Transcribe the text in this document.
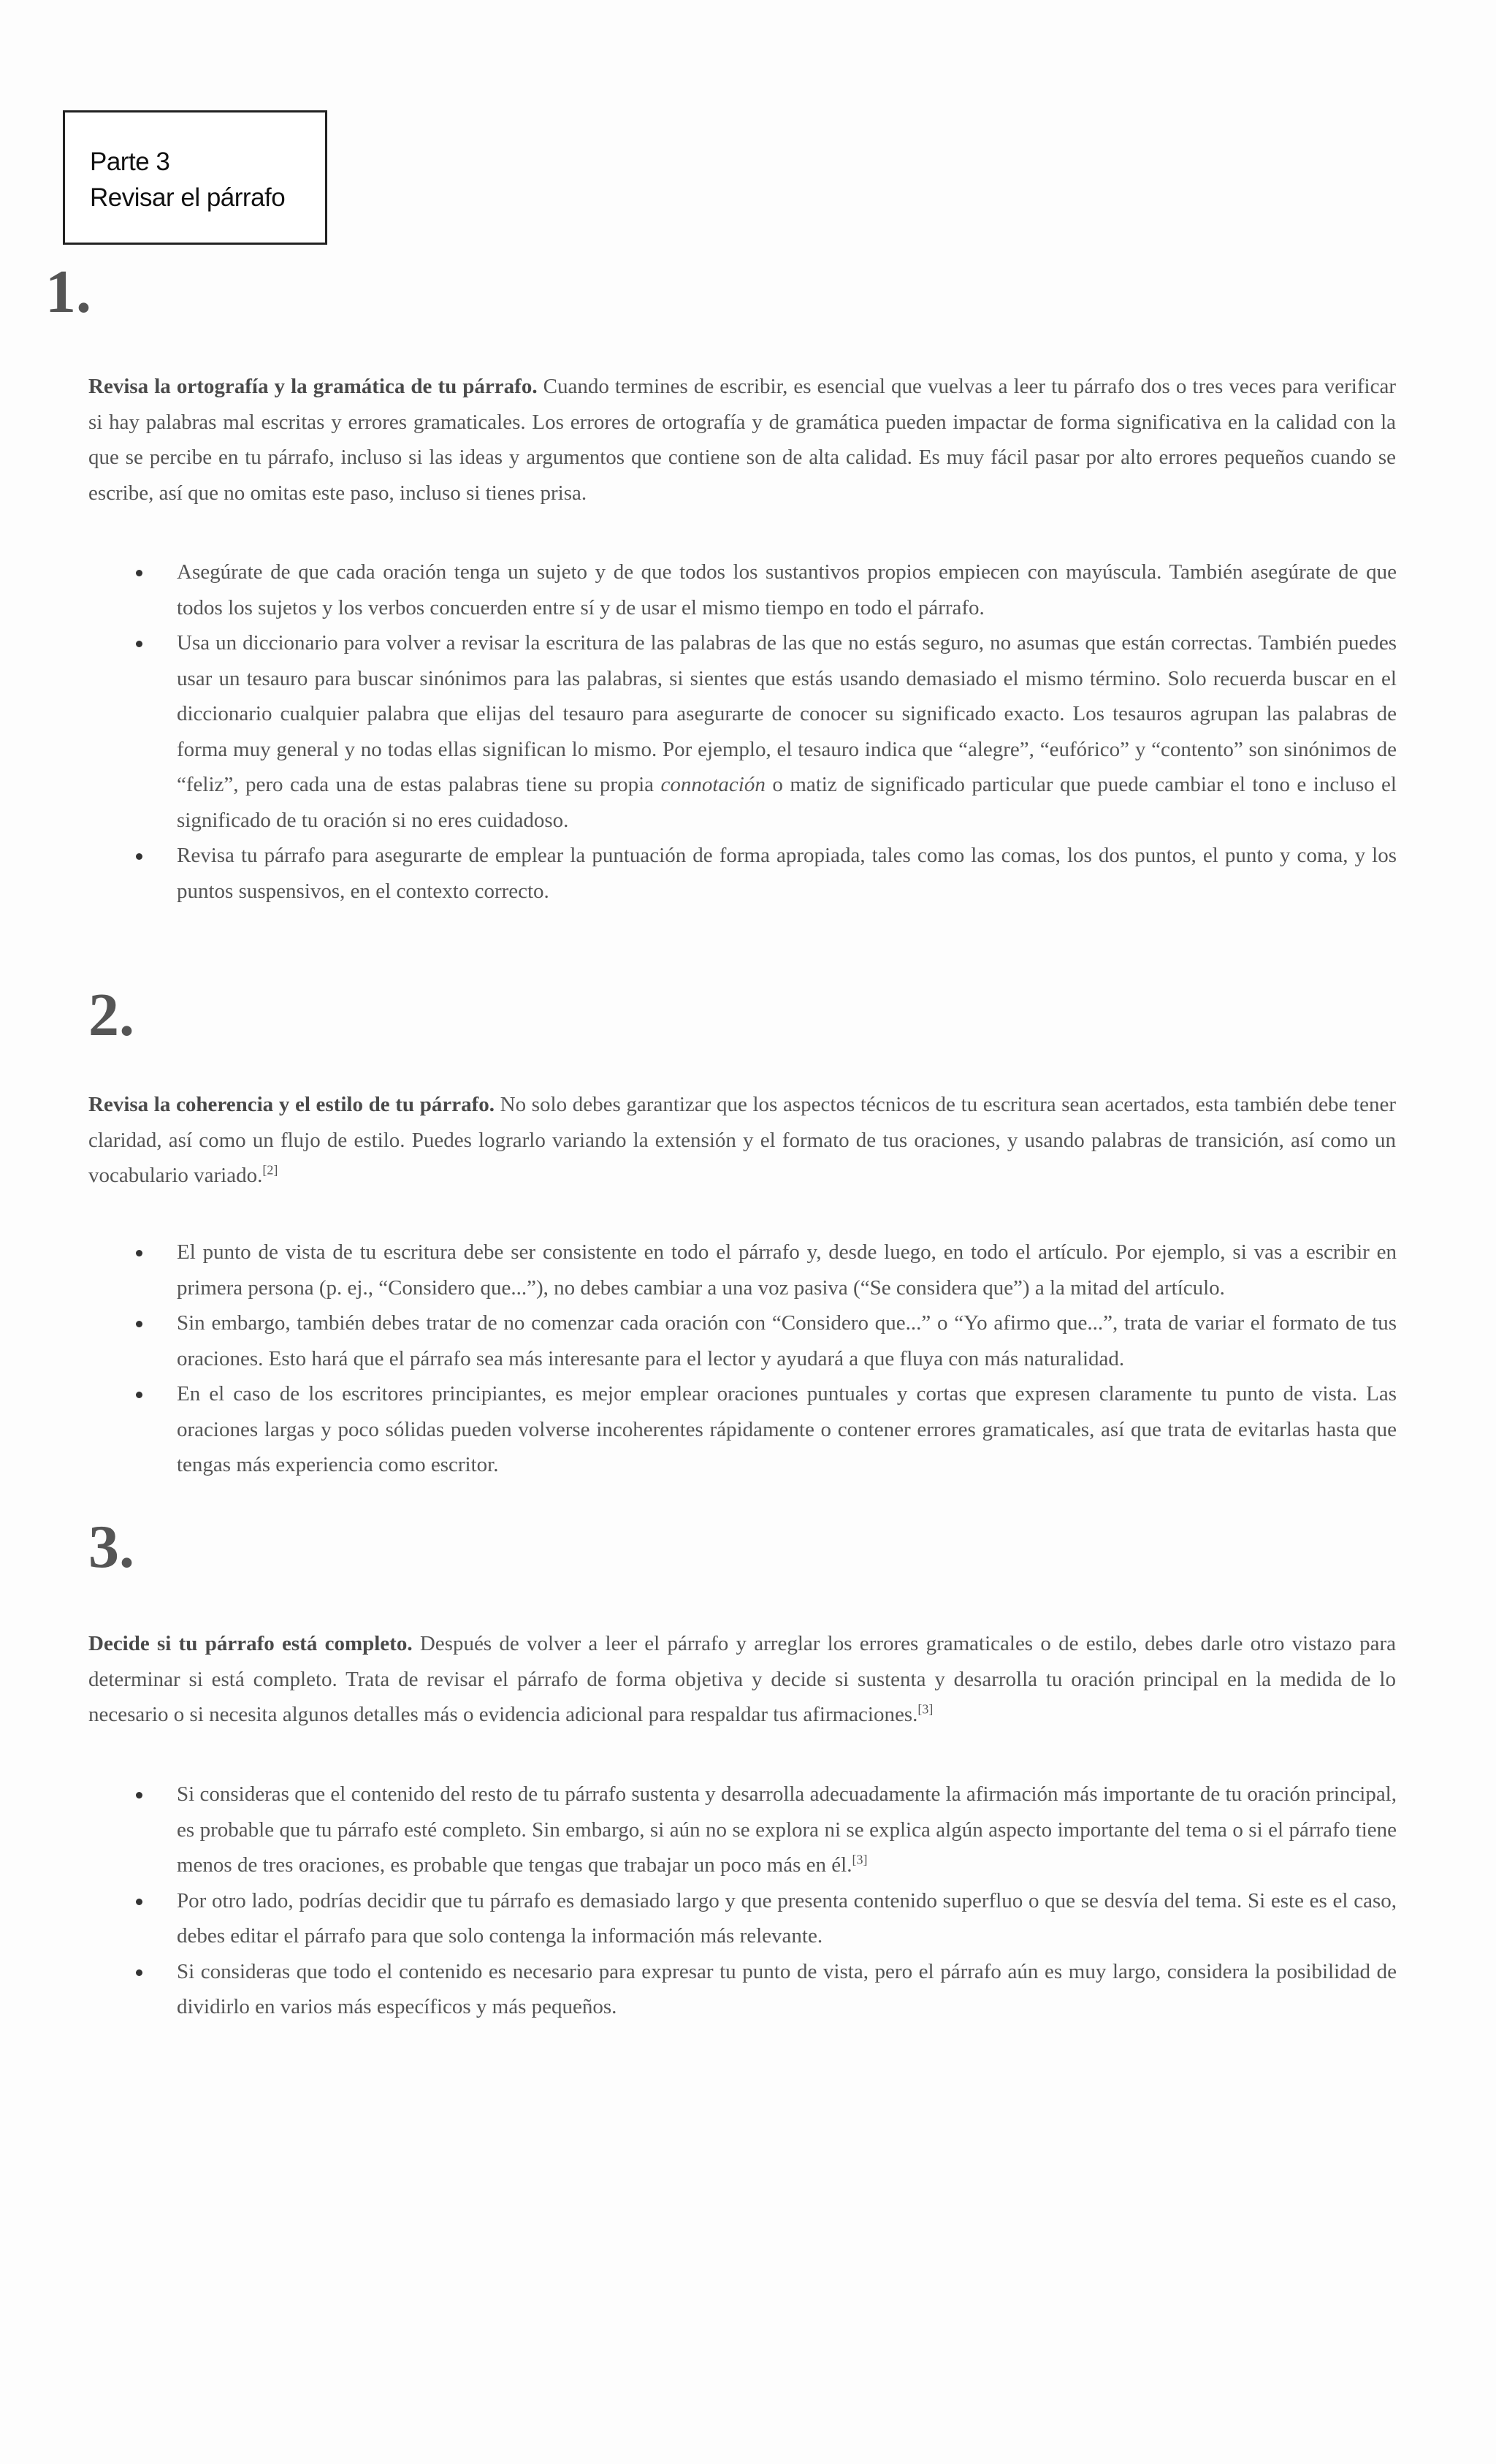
Parte 3
Revisar el párrafo
1.

Revisa la ortografía y la gramática de tu párrafo. Cuando termines de escribir, es esencial que vuelvas a leer tu párrafo dos o tres veces para verificar si hay palabras mal escritas y errores gramaticales. Los errores de ortografía y de gramática pueden impactar de forma significativa en la calidad con la que se percibe en tu párrafo, incluso si las ideas y argumentos que contiene son de alta calidad. Es muy fácil pasar por alto errores pequeños cuando se escribe, así que no omitas este paso, incluso si tienes prisa.

Asegúrate de que cada oración tenga un sujeto y de que todos los sustantivos propios empiecen con mayúscula. También asegúrate de que todos los sujetos y los verbos concuerden entre sí y de usar el mismo tiempo en todo el párrafo.
Usa un diccionario para volver a revisar la escritura de las palabras de las que no estás seguro, no asumas que están correctas. También puedes usar un tesauro para buscar sinónimos para las palabras, si sientes que estás usando demasiado el mismo término. Solo recuerda buscar en el diccionario cualquier palabra que elijas del tesauro para asegurarte de conocer su significado exacto. Los tesauros agrupan las palabras de forma muy general y no todas ellas significan lo mismo. Por ejemplo, el tesauro indica que “alegre”, “eufórico” y “contento” son sinónimos de “feliz”, pero cada una de estas palabras tiene su propia connotación o matiz de significado particular que puede cambiar el tono e incluso el significado de tu oración si no eres cuidadoso.
Revisa tu párrafo para asegurarte de emplear la puntuación de forma apropiada, tales como las comas, los dos puntos, el punto y coma, y los puntos suspensivos, en el contexto correcto.
2.

Revisa la coherencia y el estilo de tu párrafo. No solo debes garantizar que los aspectos técnicos de tu escritura sean acertados, esta también debe tener claridad, así como un flujo de estilo. Puedes lograrlo variando la extensión y el formato de tus oraciones, y usando palabras de transición, así como un vocabulario variado.[2]

El punto de vista de tu escritura debe ser consistente en todo el párrafo y, desde luego, en todo el artículo. Por ejemplo, si vas a escribir en primera persona (p. ej., “Considero que...”), no debes cambiar a una voz pasiva (“Se considera que”) a la mitad del artículo.
Sin embargo, también debes tratar de no comenzar cada oración con “Considero que...” o “Yo afirmo que...”, trata de variar el formato de tus oraciones. Esto hará que el párrafo sea más interesante para el lector y ayudará a que fluya con más naturalidad.
En el caso de los escritores principiantes, es mejor emplear oraciones puntuales y cortas que expresen claramente tu punto de vista. Las oraciones largas y poco sólidas pueden volverse incoherentes rápidamente o contener errores gramaticales, así que trata de evitarlas hasta que tengas más experiencia como escritor.
3.

Decide si tu párrafo está completo. Después de volver a leer el párrafo y arreglar los errores gramaticales o de estilo, debes darle otro vistazo para determinar si está completo. Trata de revisar el párrafo de forma objetiva y decide si sustenta y desarrolla tu oración principal en la medida de lo necesario o si necesita algunos detalles más o evidencia adicional para respaldar tus afirmaciones.[3]

Si consideras que el contenido del resto de tu párrafo sustenta y desarrolla adecuadamente la afirmación más importante de tu oración principal, es probable que tu párrafo esté completo. Sin embargo, si aún no se explora ni se explica algún aspecto importante del tema o si el párrafo tiene menos de tres oraciones, es probable que tengas que trabajar un poco más en él.[3]
Por otro lado, podrías decidir que tu párrafo es demasiado largo y que presenta contenido superfluo o que se desvía del tema. Si este es el caso, debes editar el párrafo para que solo contenga la información más relevante.
Si consideras que todo el contenido es necesario para expresar tu punto de vista, pero el párrafo aún es muy largo, considera la posibilidad de dividirlo en varios más específicos y más pequeños.
